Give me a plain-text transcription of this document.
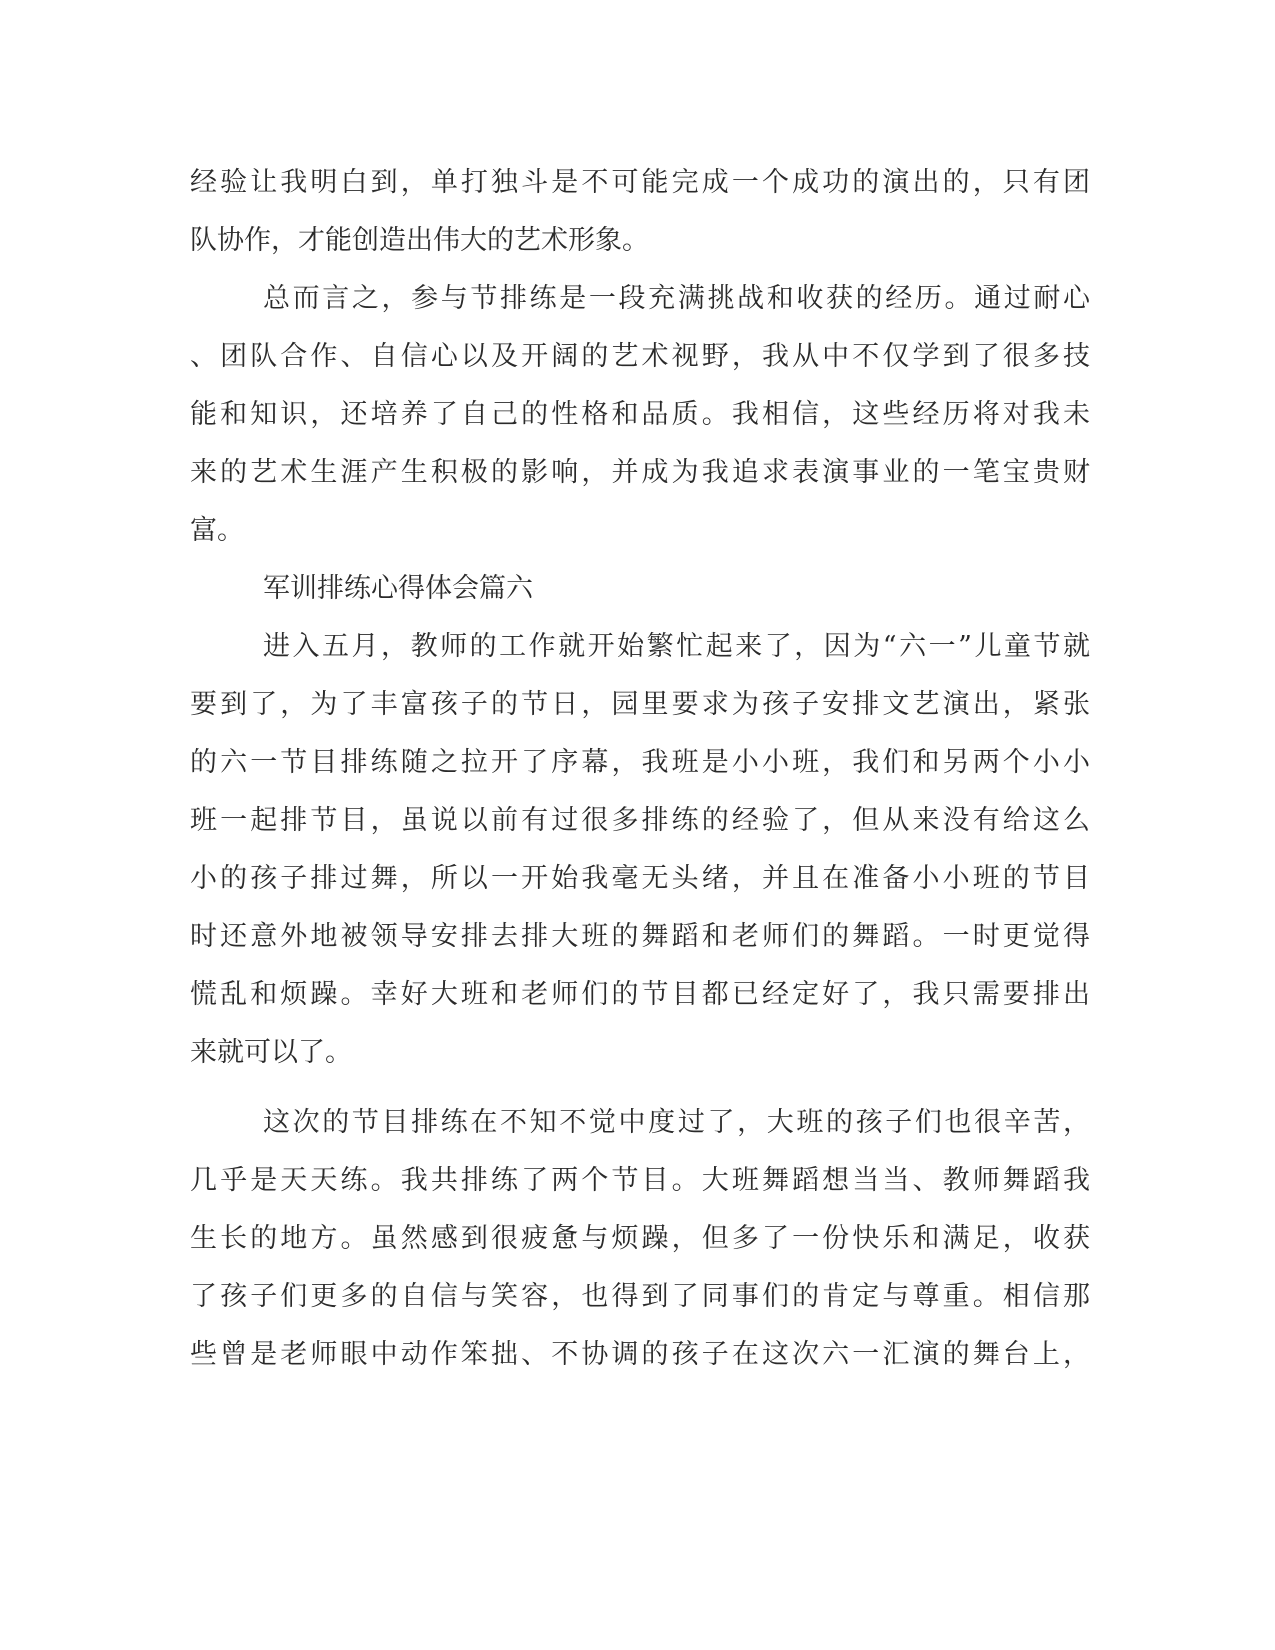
经验让我明白到，单打独斗是不可能完成一个成功的演出的，只有团

队协作，才能创造出伟大的艺术形象。

总而言之，参与节排练是一段充满挑战和收获的经历。通过耐心

、团队合作、自信心以及开阔的艺术视野，我从中不仅学到了很多技

能和知识，还培养了自己的性格和品质。我相信，这些经历将对我未

来的艺术生涯产生积极的影响，并成为我追求表演事业的一笔宝贵财

富。

军训排练心得体会篇六

进入五月，教师的工作就开始繁忙起来了，因为“六一”儿童节就

要到了，为了丰富孩子的节日，园里要求为孩子安排文艺演出，紧张

的六一节目排练随之拉开了序幕，我班是小小班，我们和另两个小小

班一起排节目，虽说以前有过很多排练的经验了，但从来没有给这么

小的孩子排过舞，所以一开始我毫无头绪，并且在准备小小班的节目

时还意外地被领导安排去排大班的舞蹈和老师们的舞蹈。一时更觉得

慌乱和烦躁。幸好大班和老师们的节目都已经定好了，我只需要排出

来就可以了。

这次的节目排练在不知不觉中度过了，大班的孩子们也很辛苦，

几乎是天天练。我共排练了两个节目。大班舞蹈想当当、教师舞蹈我

生长的地方。虽然感到很疲惫与烦躁，但多了一份快乐和满足，收获

了孩子们更多的自信与笑容，也得到了同事们的肯定与尊重。相信那

些曾是老师眼中动作笨拙、不协调的孩子在这次六一汇演的舞台上，
